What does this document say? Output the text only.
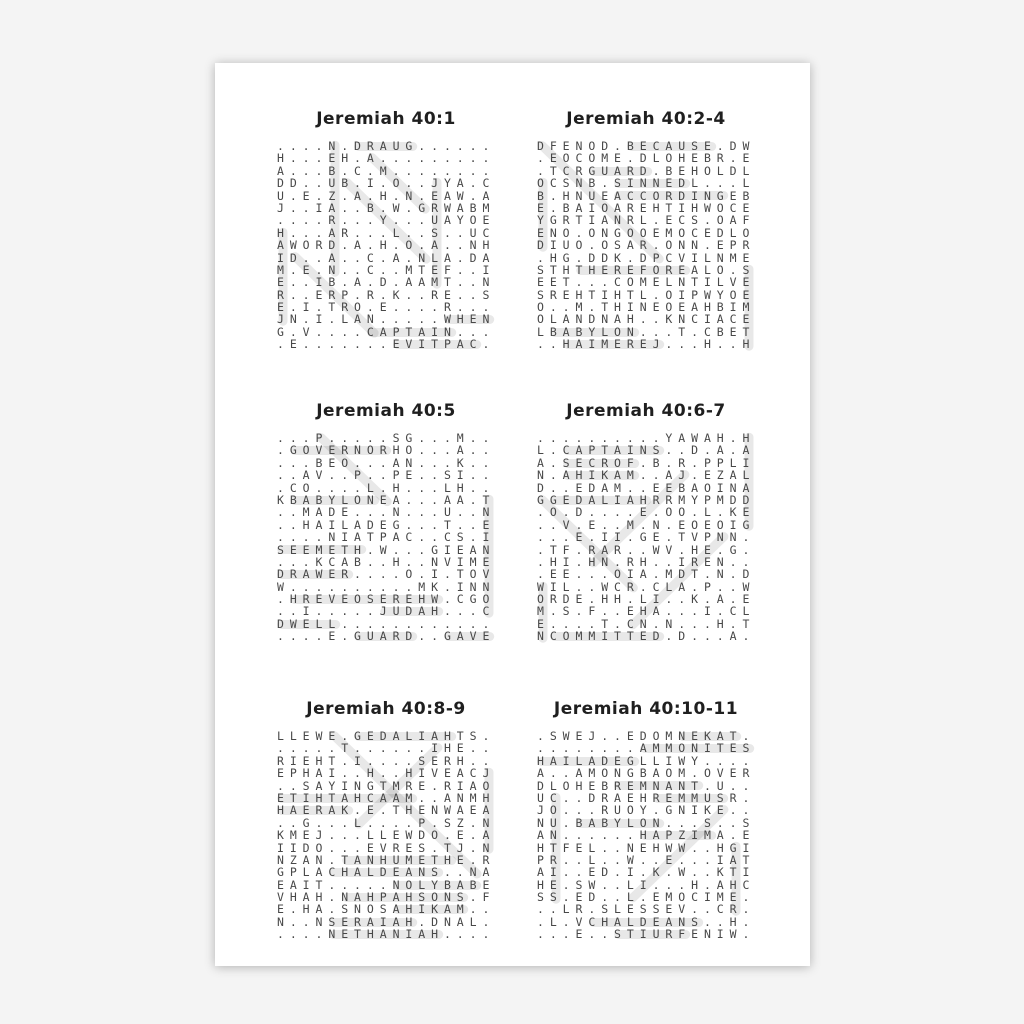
Jeremiah 40:1
....N.DRAUG......
H...EH.A.........
A...B.C.M........
DD..UB.I.O..JYA.C
U.E.Z.A.H.N.EAW.A
J..IA..B.W.GRWABM
....R...Y...UAYOE
H...AR...L..S..UC
AWORD.A.H.O.A..NH
ID..A..C.A.NLA.DA
M.E.N..C..MTEF..I
E..IB.A.D.AAMT..N
R..ERP.R.K..RE..S
E.I.TRO.E....R...
JN.I.LAN.....WHEN
G.V....CAPTAIN...
.E.......EVITPAC.
Jeremiah 40:2-4
DFENOD.BECAUSE.DW
.EOCOME.DLOHEBR.E
.TCRGUARD.BEHOLDL
OCSNB.SINNEDL...L
B.HNUEACCORDINGEB
E.BAIOAREHTIHWOCE
YGRTIANRL.ECS.OAF
ENO.ONGOOEMOCEDLO
DIUO.OSAR.ONN.EPR
.HG.DDK.DPCVILNME
STHTHEREFOREALO.S
EET...COMELNTILVE
SREHTIHTL.OIPWYOE
O..M.THINEOEAHBIM
OLANDNAH..KNCIACE
LBABYLON...T.CBET
..HAIMEREJ...H..H
Jeremiah 40:5
...P.....SG...M..
.GOVERNORHO...A..
...BEO...AN...K..
..AV..P..PE..SI..
.CO....L.H...LH..
KBABYLONEA...AA.T
..MADE...N...U..N
..HAILADEG...T..E
....NIATPAC..CS.I
SEEMETH.W...GIEAN
...KCAB..H..NVIME
DRAWER....O.I.TOV
W..........MK.INN
.HREVEOSEREHW.CGO
..I.....JUDAH...C
DWELL............
....E.GUARD..GAVE
Jeremiah 40:6-7
..........YAWAH.H
L.CAPTAINS..D.A.A
A.SECROF.B.R.PPLI
N.AHIKAM..AJ.EZAL
D..EDAM..EEBAOINA
GGEDALIAHRRMYPMDD
.O.D....E.OO.L.KE
..V.E..M.N.EOEOIG
...E.II.GE.TVPNN.
.TF.RAR..WV.HE.G.
.HI.HN.RH..IREN..
.EE...OIA.MDT.N.D
WIL..WCR.CLA.P..W
ORDE.HH.LI..K.A.E
M.S.F..EHA...I.CL
E....T.CN.N...H.T
NCOMMITTED.D...A.
Jeremiah 40:8-9
LLEWE.GEDALIAHTS.
.....T......IHE..
RIEHT.I....SERH..
EPHAI..H..HIVEACJ
..SAYINGTMRE.RIAO
ETIHTAHCAAM..ANMH
HAERAK.E.THENWAEA
..G...L....P.SZ.N
KMEJ...LLEWDO.E.A
IIDO...EVRES.TJ.N
NZAN.TANHUMETHE.R
GPLACHALDEANS..NA
EAIT.....NOLYBABE
VHAH.NAHPAHSONS.F
E.HA.SNOSAHIKAM..
N..NSERAIAH.DNAL.
....NETHANIAH....
Jeremiah 40:10-11
.SWEJ..EDOMNEKAT.
........AMMONITES
HAILADEGLLIWY....
A..AMONGBAOM.OVER
DLOHEBREMNANT.U..
UC..DRAEHREMMUSR.
JO...RUOY.GNIKE..
NU.BABYLON...S..S
AN......HAPZIMA.E
HTFEL..NEHWW..HGI
PR..L..W..E...IAT
AI..ED.I.K.W..KTI
HE.SW..LI...H.AHC
SS.ED..L.EMOCIME.
..LR.SLESSEV..CR.
.L.VCHALDEANS..H.
...E..STIURFENIW.
